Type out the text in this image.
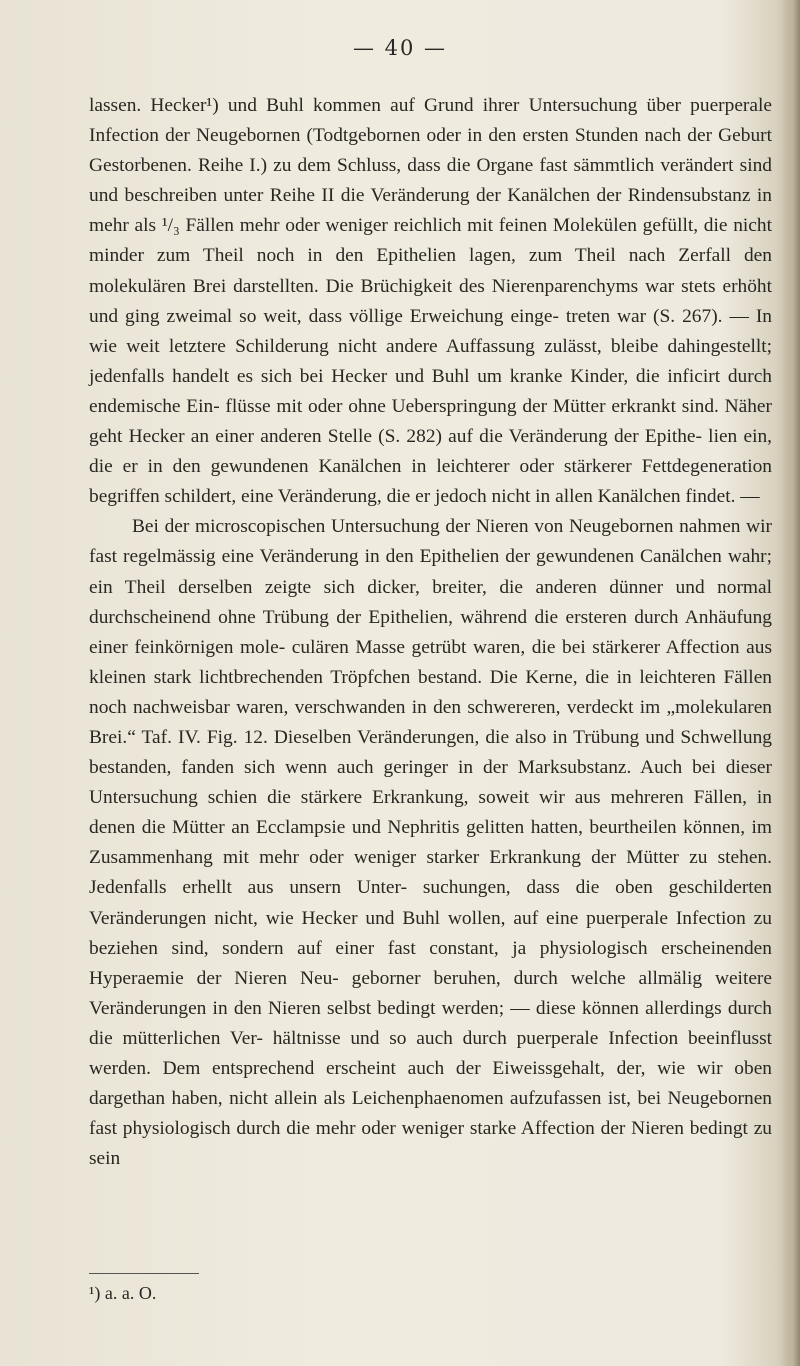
— 40 —

lassen. Hecker¹) und Buhl kommen auf Grund ihrer Untersuchung über puerperale Infection der Neugebornen (Todtgebornen oder in den ersten Stunden nach der Geburt Gestorbenen. Reihe I.) zu dem Schluss, dass die Organe fast sämmtlich verändert sind und beschreiben unter Reihe II die Veränderung der Kanälchen der Rindensubstanz in mehr als ¹/₃ Fällen mehr oder weniger reichlich mit feinen Molekülen gefüllt, die nicht minder zum Theil noch in den Epithelien lagen, zum Theil nach Zerfall den molekulären Brei darstellten. Die Brüchigkeit des Nierenparenchyms war stets erhöht und ging zweimal so weit, dass völlige Erweichung einge- treten war (S. 267). — In wie weit letztere Schilderung nicht andere Auffassung zulässt, bleibe dahingestellt; jedenfalls handelt es sich bei Hecker und Buhl um kranke Kinder, die inficirt durch endemische Ein- flüsse mit oder ohne Ueberspringung der Mütter erkrankt sind. Näher geht Hecker an einer anderen Stelle (S. 282) auf die Veränderung der Epithe- lien ein, die er in den gewundenen Kanälchen in leichterer oder stärkerer Fettdegeneration begriffen schildert, eine Veränderung, die er jedoch nicht in allen Kanälchen findet. —

Bei der microscopischen Untersuchung der Nieren von Neugebornen nahmen wir fast regelmässig eine Veränderung in den Epithelien der gewundenen Canälchen wahr; ein Theil derselben zeigte sich dicker, breiter, die anderen dünner und normal durchscheinend ohne Trübung der Epithelien, während die ersteren durch Anhäufung einer feinkörnigen mole- culären Masse getrübt waren, die bei stärkerer Affection aus kleinen stark lichtbrechenden Tröpfchen bestand. Die Kerne, die in leichteren Fällen noch nachweisbar waren, verschwanden in den schwereren, verdeckt im „molekularen Brei.“ Taf. IV. Fig. 12. Dieselben Veränderungen, die also in Trübung und Schwellung bestanden, fanden sich wenn auch geringer in der Marksubstanz. Auch bei dieser Untersuchung schien die stärkere Erkrankung, soweit wir aus mehreren Fällen, in denen die Mütter an Ecclampsie und Nephritis gelitten hatten, beurtheilen können, im Zusammenhang mit mehr oder weniger starker Erkrankung der Mütter zu stehen. Jedenfalls erhellt aus unsern Unter- suchungen, dass die oben geschilderten Veränderungen nicht, wie Hecker und Buhl wollen, auf eine puerperale Infection zu beziehen sind, sondern auf einer fast constant, ja physiologisch erscheinenden Hyperaemie der Nieren Neu- geborner beruhen, durch welche allmälig weitere Veränderungen in den Nieren selbst bedingt werden; — diese können allerdings durch die mütterlichen Ver- hältnisse und so auch durch puerperale Infection beeinflusst werden. Dem entsprechend erscheint auch der Eiweissgehalt, der, wie wir oben dargethan haben, nicht allein als Leichenphaenomen aufzufassen ist, bei Neugebornen fast physiologisch durch die mehr oder weniger starke Affection der Nieren bedingt zu sein

¹) a. a. O.
